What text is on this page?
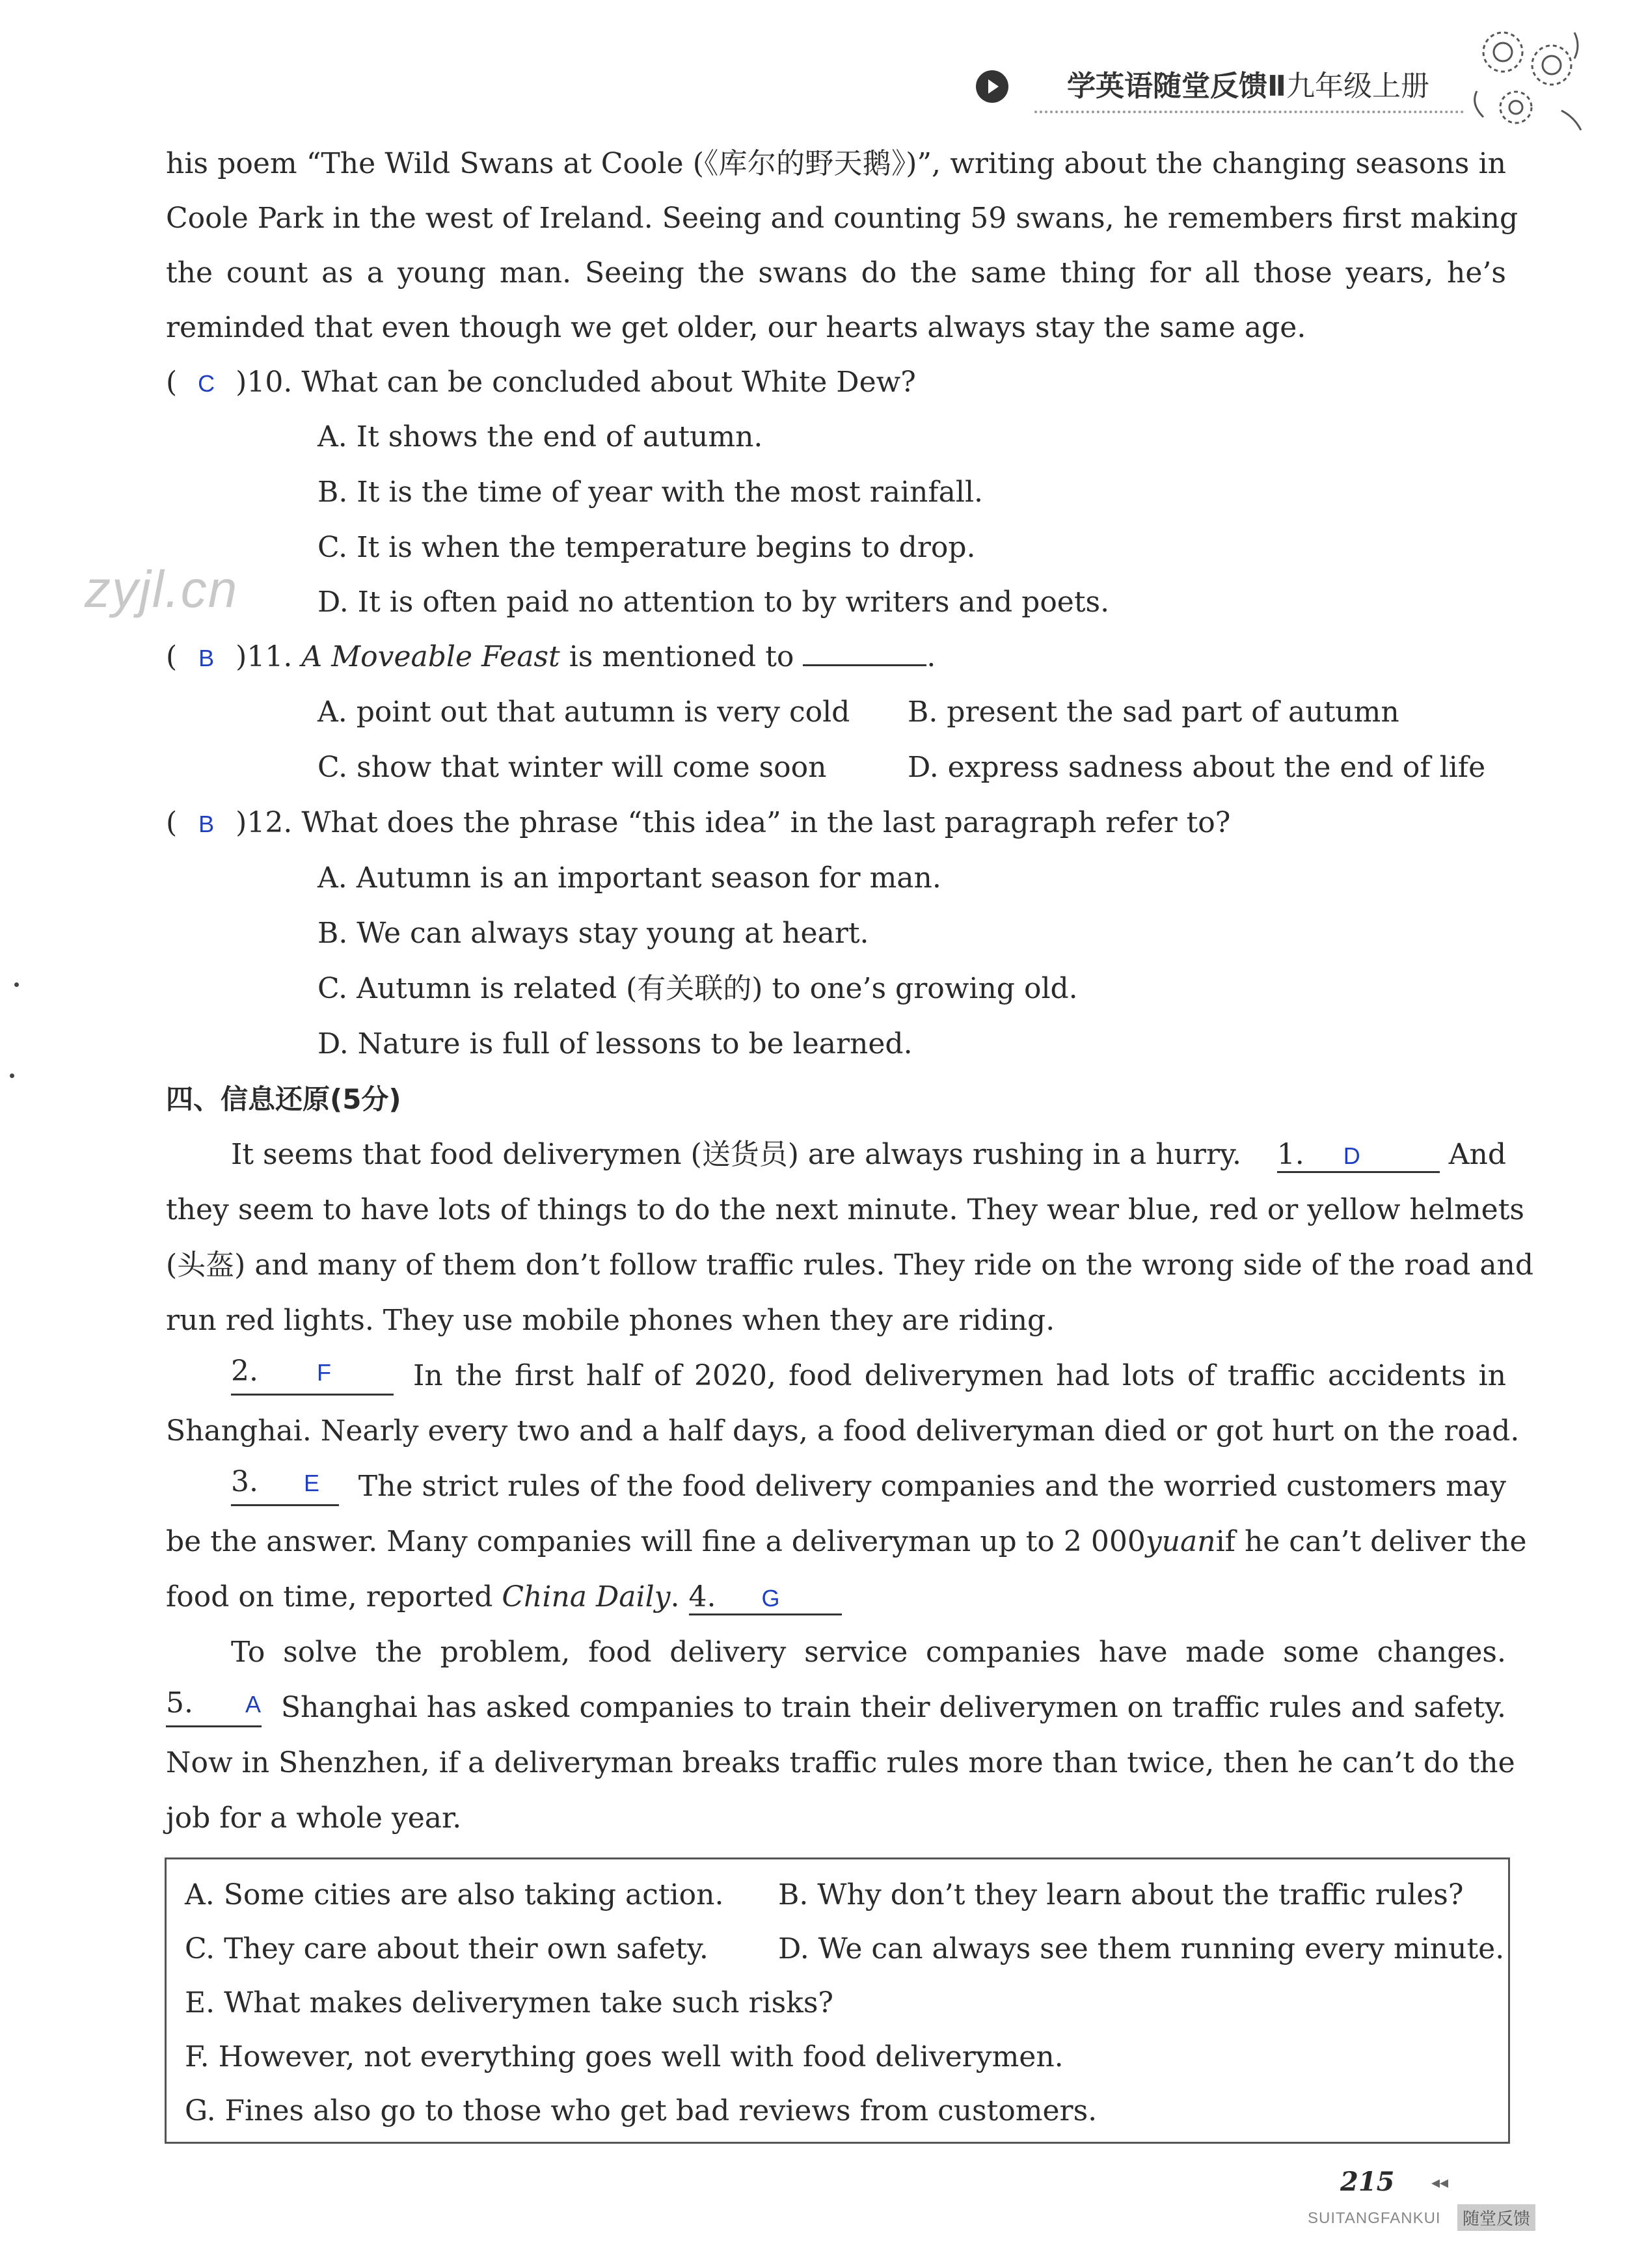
学英语随堂反馈Ⅱ九年级上册
zyjl.cn
his poem “The Wild Swans at Coole (《库尔的野天鹅》)”, writing about the changing seasons in
Coole Park in the west of Ireland. Seeing and counting 59 swans, he remembers first making
the count as a young man. Seeing the swans do the same thing for all those years, he’s
reminded that even though we get older, our hearts always stay the same age.
( C )10. What can be concluded about White Dew?
A. It shows the end of autumn.
B. It is the time of year with the most rainfall.
C. It is when the temperature begins to drop.
D. It is often paid no attention to by writers and poets.
( B )11. A Moveable Feast is mentioned to	.
A. point out that autumn is very cold B. present the sad part of autumn
C. show that winter will come soon	D. express sadness about the end of life
( B )12. What does the phrase “this idea” in the last paragraph refer to?
A. Autumn is an important season for man.
B. We can always stay young at heart.
C. Autumn is related (有关联的) to one’s growing old.
D. Nature is full of lessons to be learned.
四、信息还原(5分)
It seems that food deliverymen (送货员) are always rushing in a hurry. 1. D	And
they seem to have lots of things to do the next minute. They wear blue, red or yellow helmets
(头盔) and many of them don’t follow traffic rules. They ride on the wrong side of the road and
run red lights. They use mobile phones when they are riding.
2.	F	In the first half of 2020, food deliverymen had lots of traffic accidents in
Shanghai. Nearly every two and a half days, a food deliveryman died or got hurt on the road.
3. E	The strict rules of the food delivery companies and the worried customers may
be the answer. Many companies will fine a deliveryman up to 2 000 yuan if he can’t deliver the
food on time, reported China Daily. 4. G
To solve the problem, food delivery service companies have made some changes.
5. A Shanghai has asked companies to train their deliverymen on traffic rules and safety.
Now in Shenzhen, if a deliveryman breaks traffic rules more than twice, then he can’t do the
job for a whole year.
A. Some cities are also taking action.	B. Why don’t they learn about the traffic rules?
C. They care about their own safety.	D. We can always see them running every minute.
E. What makes deliverymen take such risks?
F. However, not everything goes well with food deliverymen.
G. Fines also go to those who get bad reviews from customers.
215 ◂◂
SUITANGFANKUI	随堂反馈
